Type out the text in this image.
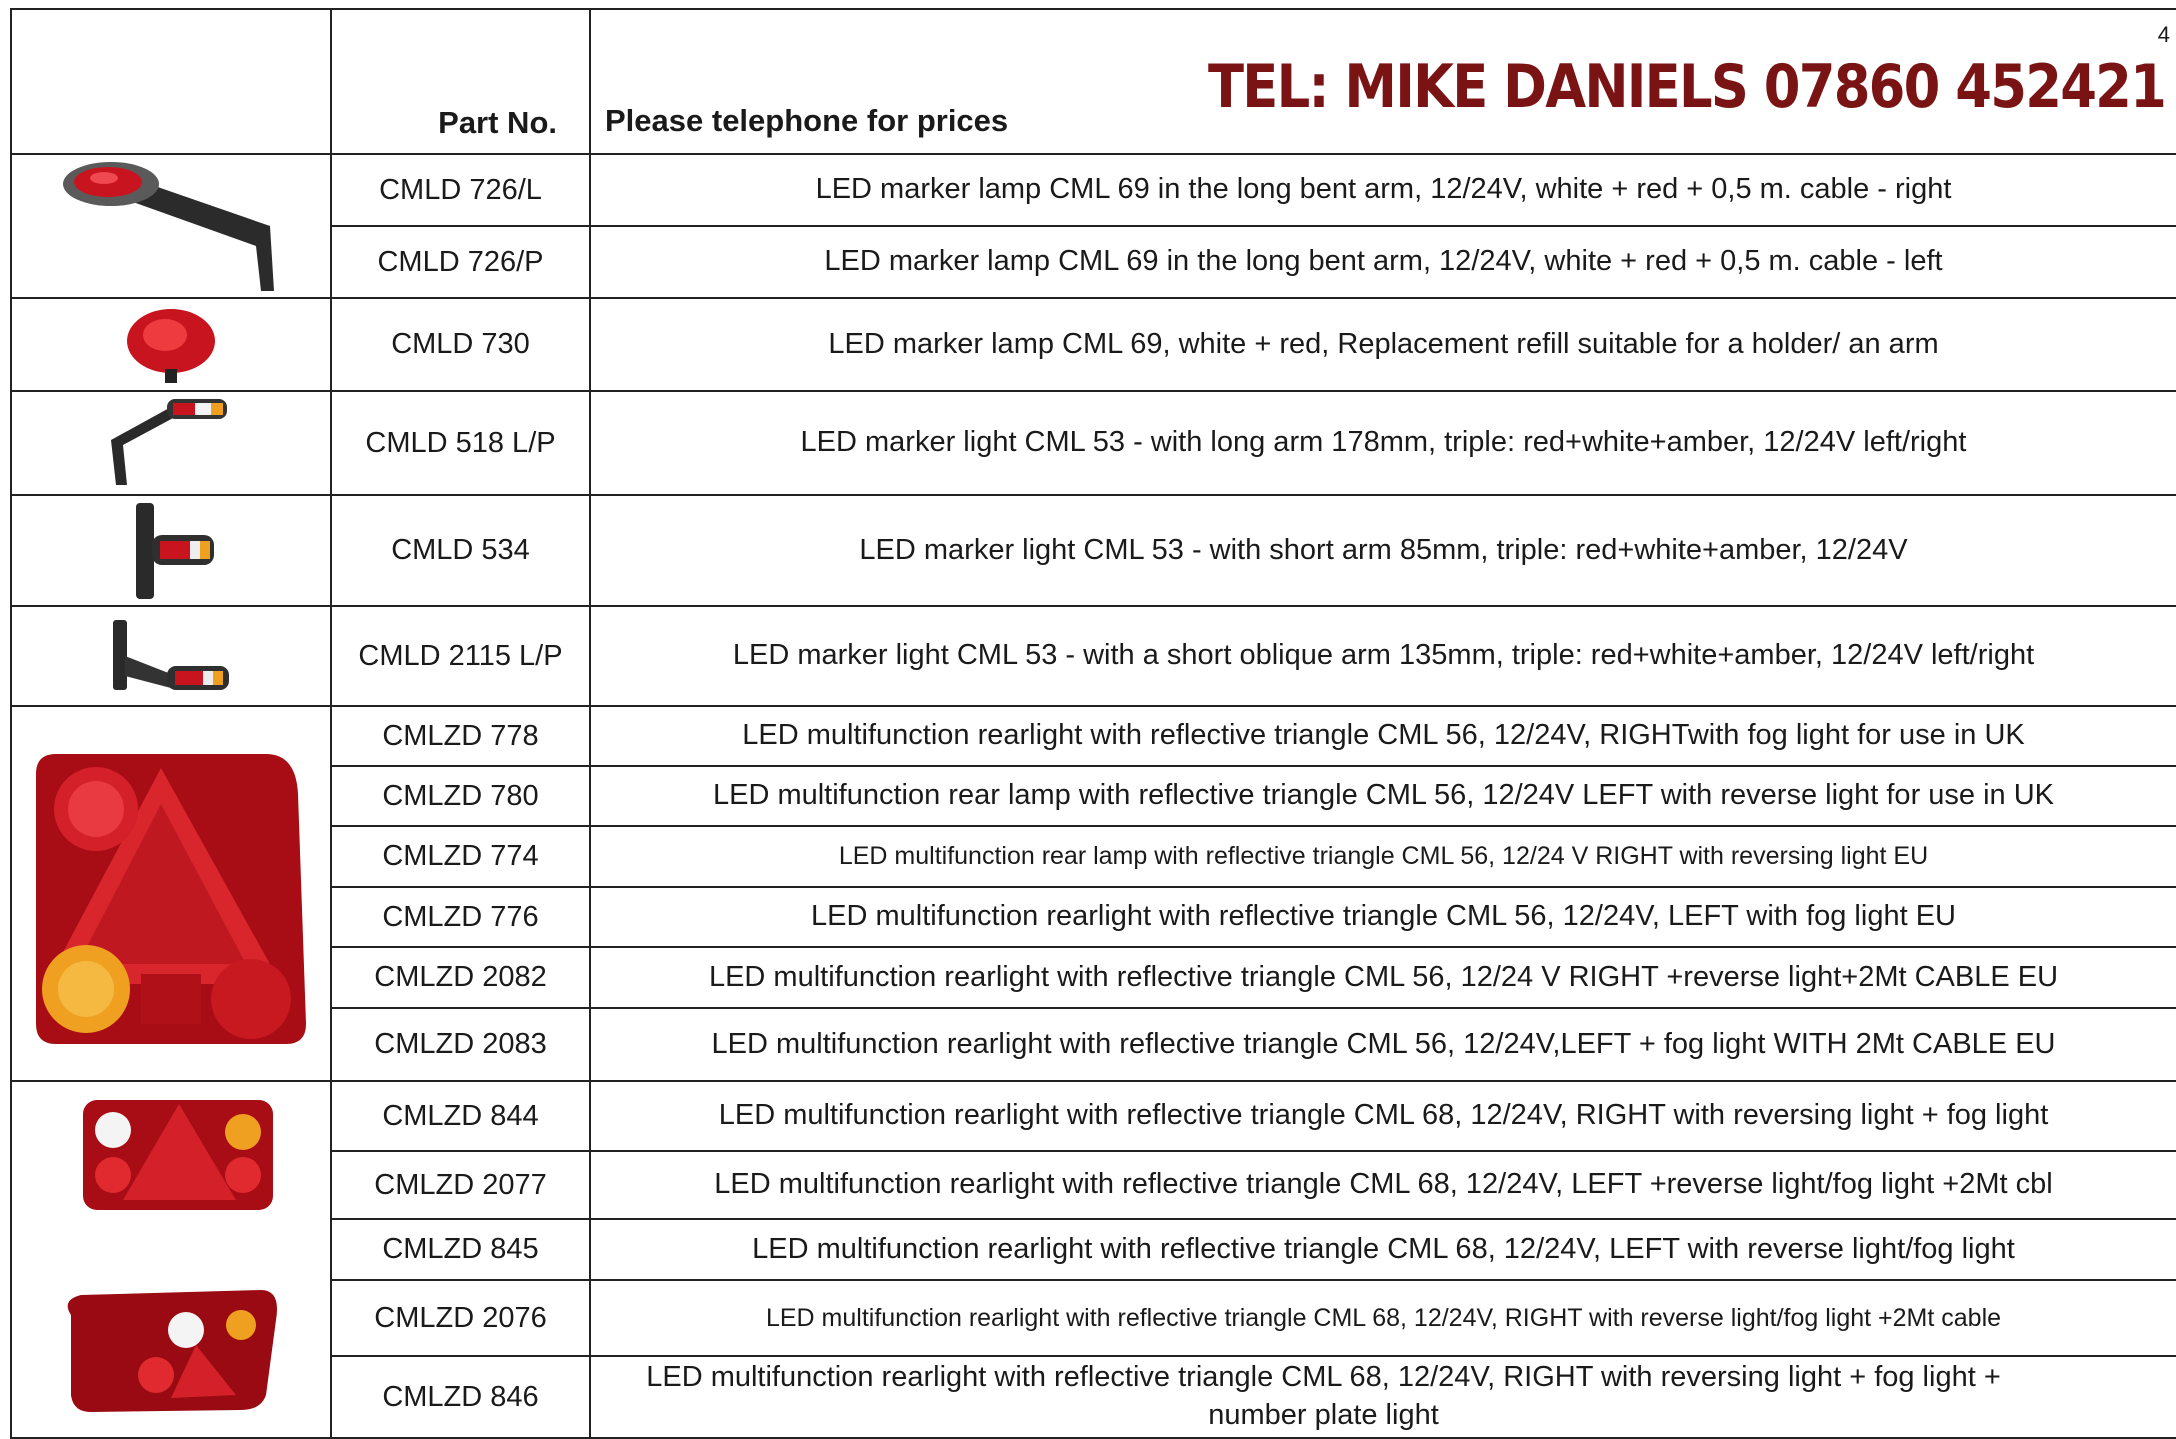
4
TEL: MIKE DANIELS 07860 452421
	Part No.	Please telephone for prices

	CMLD 726/L	LED marker lamp CML 69 in the long bent arm, 12/24V, white + red + 0,5 m. cable - right
	CMLD 726/P	LED marker lamp CML 69 in the long bent arm, 12/24V, white + red + 0,5 m. cable - left

	CMLD 730	LED marker lamp CML 69, white + red, Replacement refill suitable for a holder/ an arm

	CMLD 518 L/P	LED marker light CML 53 - with long arm 178mm, triple: red+white+amber, 12/24V left/right

	CMLD 534	LED marker light CML 53 - with short arm 85mm, triple: red+white+amber, 12/24V

	CMLD 2115 L/P	LED marker light CML 53 - with a short oblique arm 135mm, triple: red+white+amber, 12/24V left/right

	CMLZD 778	LED multifunction rearlight with reflective triangle CML 56, 12/24V, RIGHTwith fog light for use in UK
	CMLZD 780	LED multifunction rear lamp with reflective triangle CML 56, 12/24V LEFT with reverse light for use in UK
	CMLZD 774	LED multifunction rear lamp with reflective triangle CML 56, 12/24 V RIGHT with reversing light EU
	CMLZD 776	LED multifunction rearlight with reflective triangle CML 56, 12/24V, LEFT with fog light EU
	CMLZD 2082	LED multifunction rearlight with reflective triangle CML 56, 12/24 V RIGHT +reverse light+2Mt CABLE EU
	CMLZD 2083	LED multifunction rearlight with reflective triangle CML 56, 12/24V,LEFT + fog light WITH 2Mt CABLE EU

	CMLZD 844	LED multifunction rearlight with reflective triangle CML 68, 12/24V, RIGHT with reversing light + fog light
	CMLZD 2077	LED multifunction rearlight with reflective triangle CML 68, 12/24V, LEFT +reverse light/fog light +2Mt cbl
	CMLZD 845	LED multifunction rearlight with reflective triangle CML 68, 12/24V, LEFT with reverse light/fog light
	CMLZD 2076	LED multifunction rearlight with reflective triangle CML 68, 12/24V, RIGHT with reverse light/fog light +2Mt cable
	CMLZD 846	LED multifunction rearlight with reflective triangle CML 68, 12/24V, RIGHT with reversing light + fog light + number plate light
